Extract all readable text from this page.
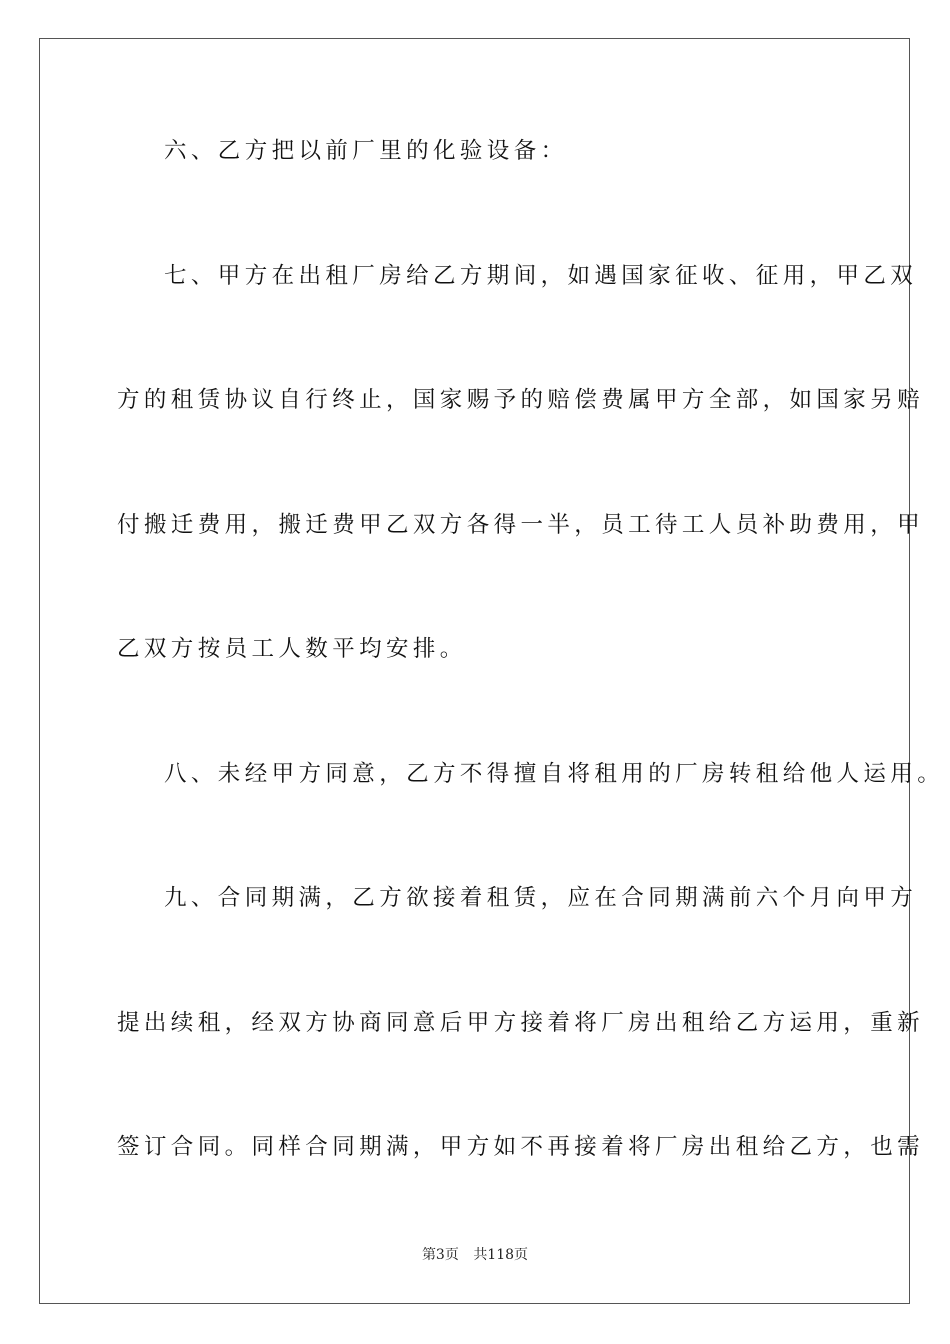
六、乙方把以前厂里的化验设备：
七、甲方在出租厂房给乙方期间，如遇国家征收、征用，甲乙双
方的租赁协议自行终止，国家赐予的赔偿费属甲方全部，如国家另赔
付搬迁费用，搬迁费甲乙双方各得一半，员工待工人员补助费用，甲
乙双方按员工人数平均安排。
八、未经甲方同意，乙方不得擅自将租用的厂房转租给他人运用。
九、合同期满，乙方欲接着租赁，应在合同期满前六个月向甲方
提出续租，经双方协商同意后甲方接着将厂房出租给乙方运用，重新
签订合同。同样合同期满，甲方如不再接着将厂房出租给乙方，也需
第3页 共118页
